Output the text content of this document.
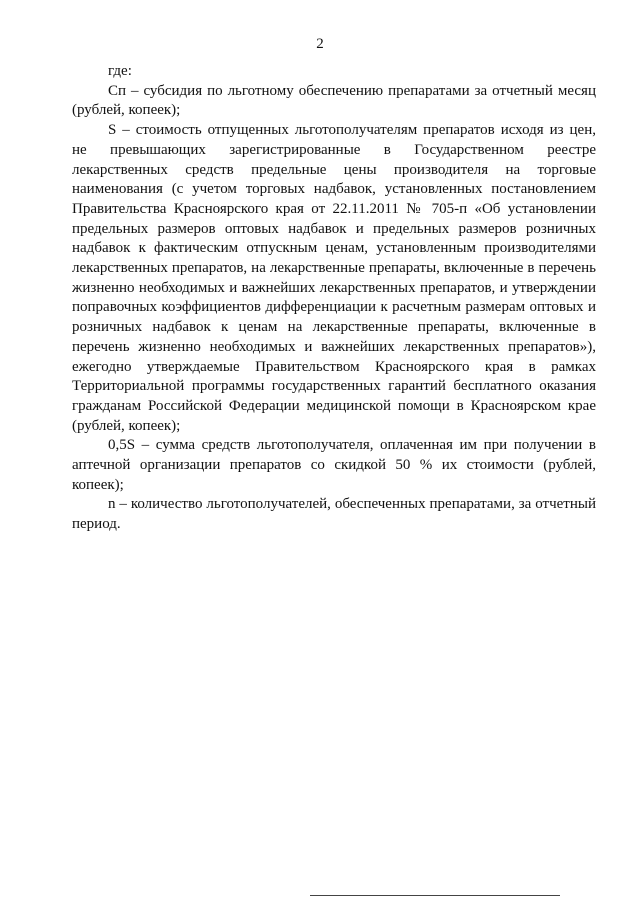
2

где:

Сп – субсидия по льготному обеспечению препаратами за отчетный месяц (рублей, копеек);

S – стоимость отпущенных льготополучателям препаратов исходя из цен, не превышающих зарегистрированные в Государственном реестре лекарственных средств предельные цены производителя на торговые наименования (с учетом торговых надбавок, установленных постановлением Правительства Красноярского края от 22.11.2011 № 705-п «Об установлении предельных размеров оптовых надбавок и предельных размеров розничных надбавок к фактическим отпускным ценам, установленным производителями лекарственных препаратов, на лекарственные препараты, включенные в перечень жизненно необходимых и важнейших лекарственных препаратов, и утверждении поправочных коэффициентов дифференциации к расчетным размерам оптовых и розничных надбавок к ценам на лекарственные препараты, включенные в перечень жизненно необходимых и важнейших лекарственных препаратов»), ежегодно утверждаемые Правительством Красноярского края в рамках Территориальной программы государственных гарантий бесплатного оказания гражданам Российской Федерации медицинской помощи в Красноярском крае (рублей, копеек);

0,5S – сумма средств льготополучателя, оплаченная им при получении в аптечной организации препаратов со скидкой 50 % их стоимости (рублей, копеек);

n – количество льготополучателей, обеспеченных препаратами, за отчетный период.
